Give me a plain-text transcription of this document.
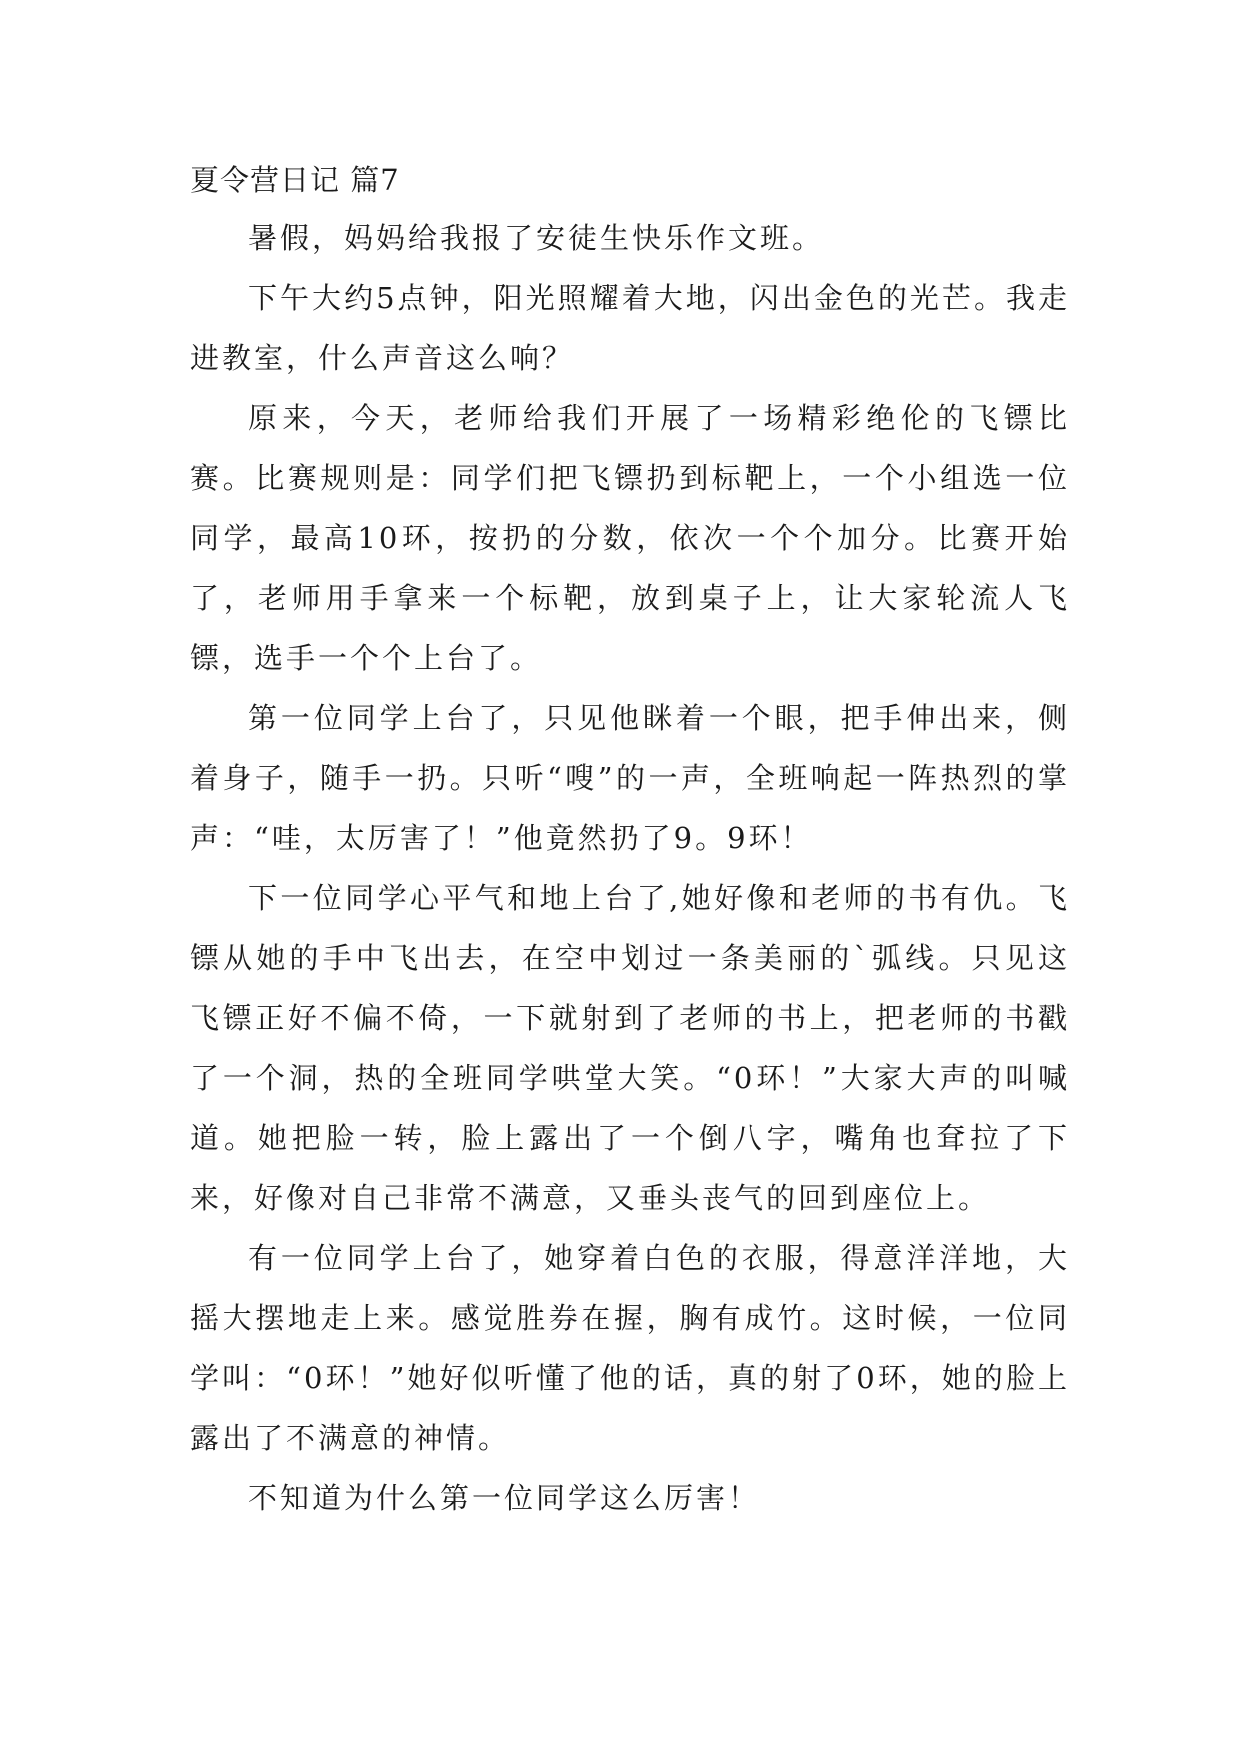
夏令营日记 篇7

暑假，妈妈给我报了安徒生快乐作文班。

下午大约5点钟，阳光照耀着大地，闪出金色的光芒。我走进教室，什么声音这么响？

原来，今天，老师给我们开展了一场精彩绝伦的飞镖比赛。比赛规则是：同学们把飞镖扔到标靶上，一个小组选一位同学，最高10环，按扔的分数，依次一个个加分。比赛开始了，老师用手拿来一个标靶，放到桌子上，让大家轮流人飞镖，选手一个个上台了。

第一位同学上台了，只见他眯着一个眼，把手伸出来，侧着身子，随手一扔。只听“嗖”的一声，全班响起一阵热烈的掌声：“哇，太厉害了！”他竟然扔了9。9环！

下一位同学心平气和地上台了,她好像和老师的书有仇。飞镖从她的手中飞出去，在空中划过一条美丽的`弧线。只见这飞镖正好不偏不倚，一下就射到了老师的书上，把老师的书戳了一个洞，热的全班同学哄堂大笑。“0环！”大家大声的叫喊道。她把脸一转，脸上露出了一个倒八字，嘴角也耷拉了下来，好像对自己非常不满意，又垂头丧气的回到座位上。

有一位同学上台了，她穿着白色的衣服，得意洋洋地，大摇大摆地走上来。感觉胜券在握，胸有成竹。这时候，一位同学叫：“0环！”她好似听懂了他的话，真的射了0环，她的脸上露出了不满意的神情。

不知道为什么第一位同学这么厉害！
